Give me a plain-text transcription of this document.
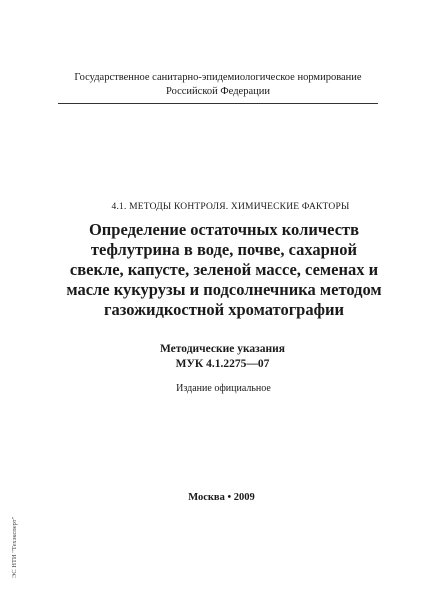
Государственное санитарно-эпидемиологическое нормирование
Российской Федерации
4.1. МЕТОДЫ КОНТРОЛЯ. ХИМИЧЕСКИЕ ФАКТОРЫ
Определение остаточных количеств
тефлутрина в воде, почве, сахарной
свекле, капусте, зеленой массе, семенах и
масле кукурузы и подсолнечника методом
газожидкостной хроматографии
Методические указания
МУК 4.1.2275—07
Издание официальное
Москва • 2009
ЭС НТИ "Техэксперт"
